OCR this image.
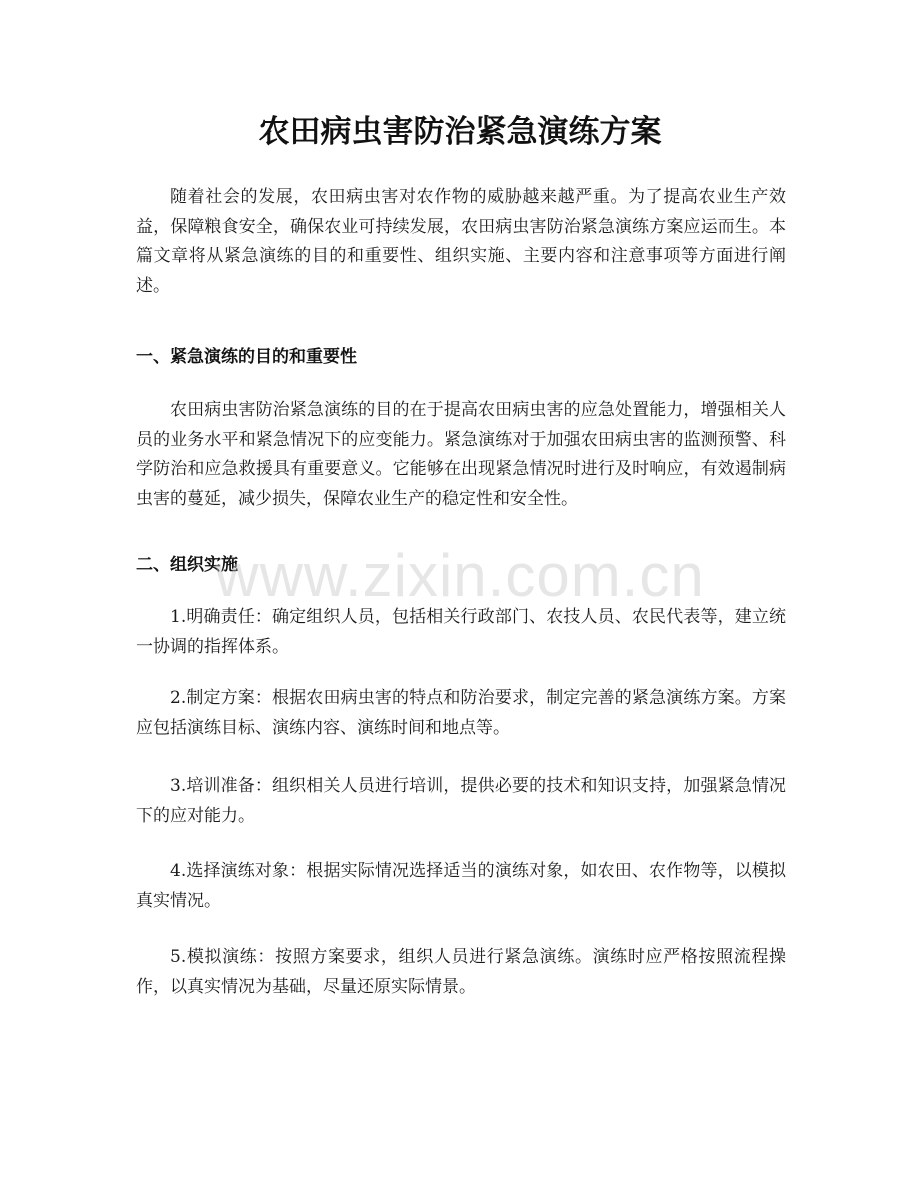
农田病虫害防治紧急演练方案

随着社会的发展，农田病虫害对农作物的威胁越来越严重。为了提高农业生产效益，保障粮食安全，确保农业可持续发展，农田病虫害防治紧急演练方案应运而生。本篇文章将从紧急演练的目的和重要性、组织实施、主要内容和注意事项等方面进行阐述。

一、紧急演练的目的和重要性

农田病虫害防治紧急演练的目的在于提高农田病虫害的应急处置能力，增强相关人员的业务水平和紧急情况下的应变能力。紧急演练对于加强农田病虫害的监测预警、科学防治和应急救援具有重要意义。它能够在出现紧急情况时进行及时响应，有效遏制病虫害的蔓延，减少损失，保障农业生产的稳定性和安全性。

二、组织实施

1.明确责任：确定组织人员，包括相关行政部门、农技人员、农民代表等，建立统一协调的指挥体系。

2.制定方案：根据农田病虫害的特点和防治要求，制定完善的紧急演练方案。方案应包括演练目标、演练内容、演练时间和地点等。

3.培训准备：组织相关人员进行培训，提供必要的技术和知识支持，加强紧急情况下的应对能力。

4.选择演练对象：根据实际情况选择适当的演练对象，如农田、农作物等，以模拟真实情况。

5.模拟演练：按照方案要求，组织人员进行紧急演练。演练时应严格按照流程操作，以真实情况为基础，尽量还原实际情景。

www.zixin.com.cn
